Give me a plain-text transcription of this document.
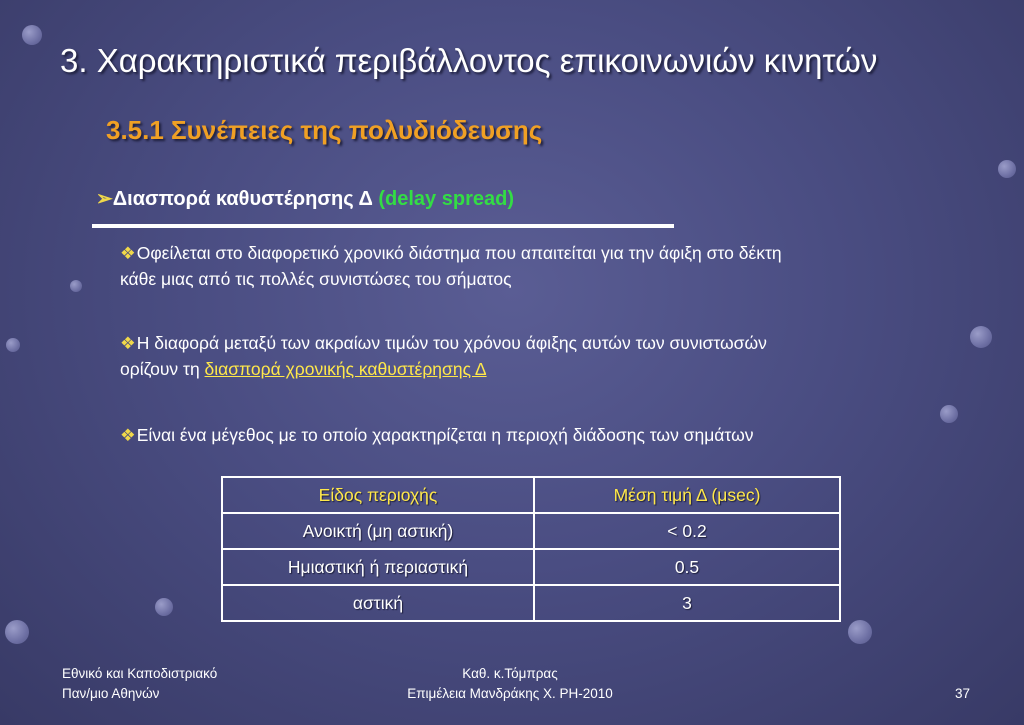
3. Χαρακτηριστικά περιβάλλοντος επικοινωνιών κινητών
3.5.1 Συνέπειες της πολυδιόδευσης
➢Διασπορά καθυστέρησης Δ (delay spread)
❖Οφείλεται στο διαφορετικό χρονικό διάστημα που απαιτείται για την άφιξη στο δέκτη
κάθε μιας από τις πολλές συνιστώσες του σήματος
❖Η διαφορά μεταξύ των ακραίων τιμών του χρόνου άφιξης αυτών των συνιστωσών
ορίζουν τη διασπορά χρονικής καθυστέρησης Δ
❖Είναι ένα μέγεθος με το οποίο χαρακτηρίζεται η περιοχή διάδοσης των σημάτων
Είδος περιοχής	Μέση τιμή Δ (μsec)
Ανοικτή (μη αστική)	< 0.2
Ημιαστική ή περιαστική	0.5
αστική	3
Εθνικό και Καποδιστριακό
Παν/μιο Αθηνών
Καθ. κ.Τόμπρας
Επιμέλεια Μανδράκης Χ. ΡΗ-2010	37
